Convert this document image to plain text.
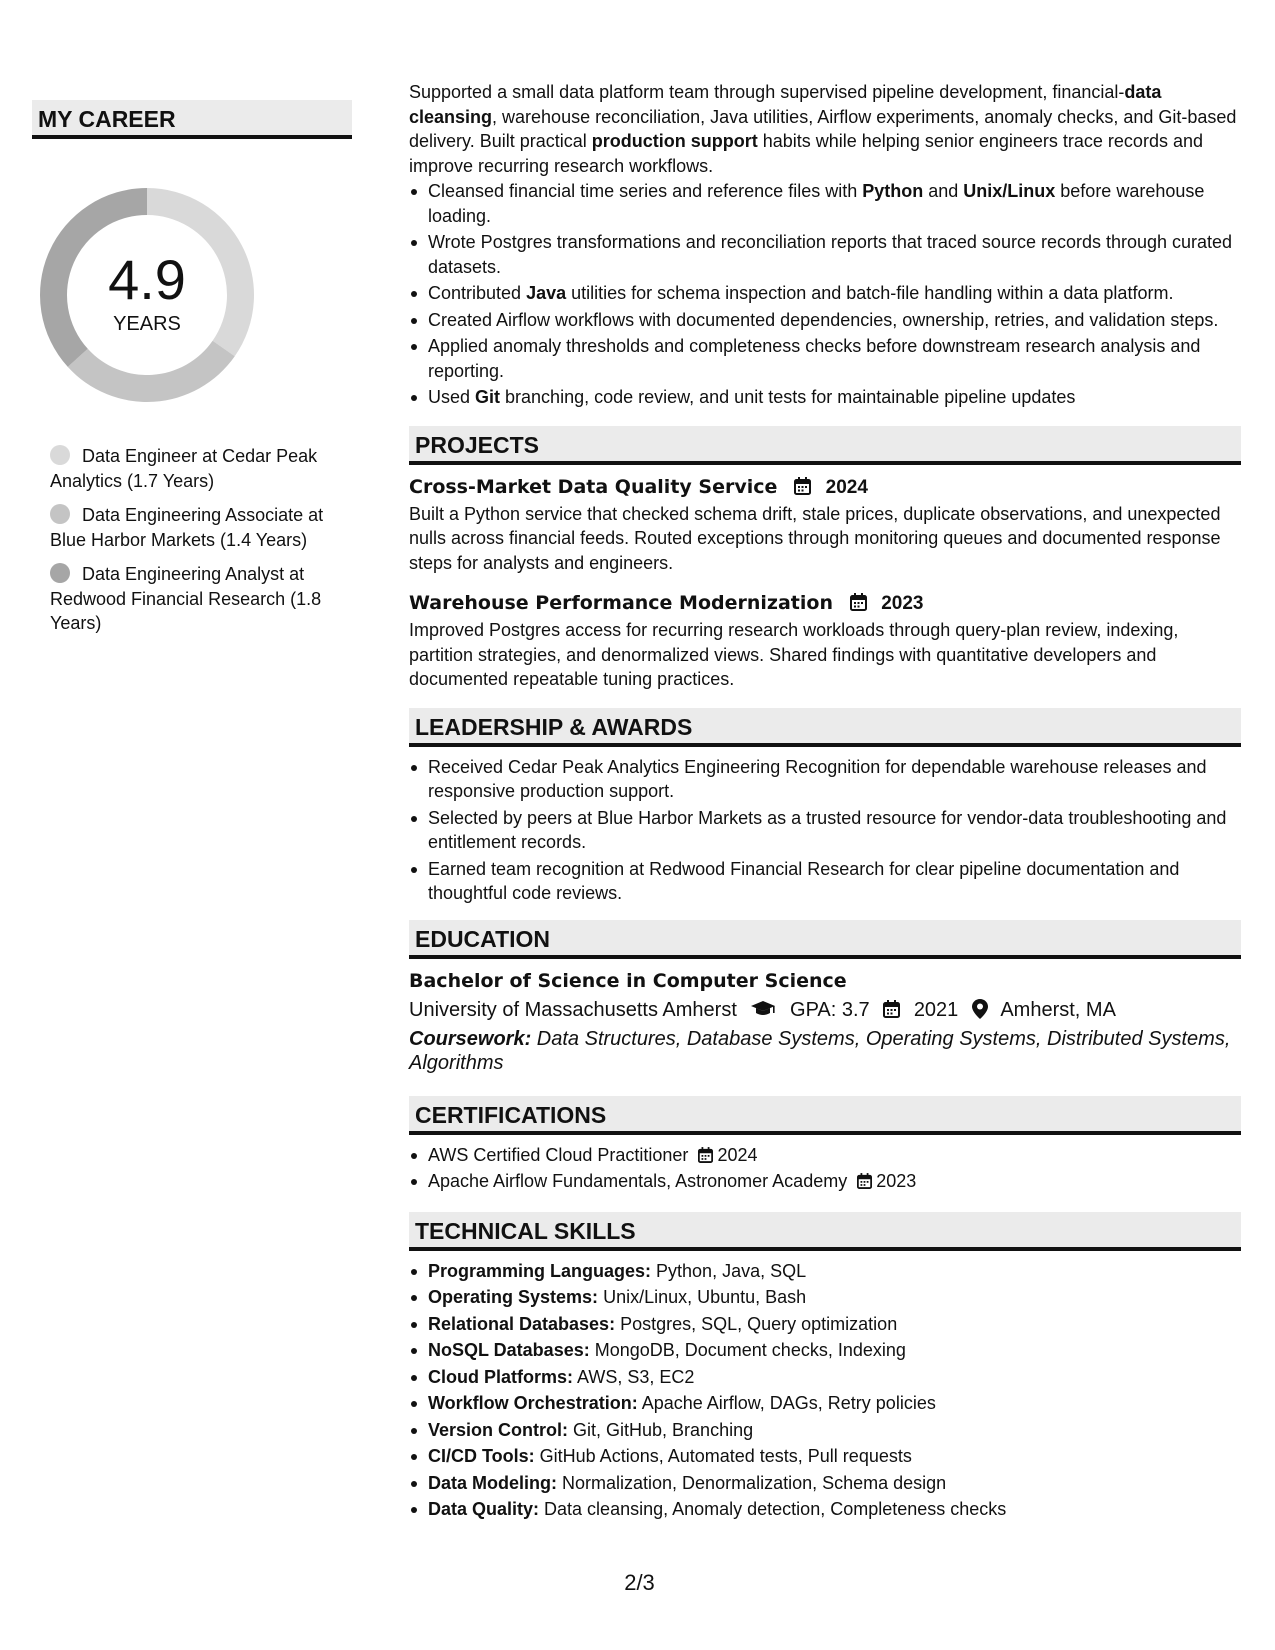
MY CAREER
4.9
YEARS
Data Engineer at Cedar Peak Analytics (1.7 Years)
Data Engineering Associate at Blue Harbor Markets (1.4 Years)
Data Engineering Analyst at Redwood Financial Research (1.8 Years)
Supported a small data platform team through supervised pipeline development, financial-data cleansing, warehouse reconciliation, Java utilities, Airflow experiments, anomaly checks, and Git-based delivery. Built practical production support habits while helping senior engineers trace records and improve recurring research workflows.
Cleansed financial time series and reference files with Python and Unix/Linux before warehouse loading.
Wrote Postgres transformations and reconciliation reports that traced source records through curated datasets.
Contributed Java utilities for schema inspection and batch-file handling within a data platform.
Created Airflow workflows with documented dependencies, ownership, retries, and validation steps.
Applied anomaly thresholds and completeness checks before downstream research analysis and reporting.
Used Git branching, code review, and unit tests for maintainable pipeline updates
PROJECTS
Cross-Market Data Quality Service	2024
Built a Python service that checked schema drift, stale prices, duplicate observations, and unexpected nulls across financial feeds. Routed exceptions through monitoring queues and documented response steps for analysts and engineers.
Warehouse Performance Modernization	2023
Improved Postgres access for recurring research workloads through query-plan review, indexing, partition strategies, and denormalized views. Shared findings with quantitative developers and documented repeatable tuning practices.
LEADERSHIP & AWARDS
Received Cedar Peak Analytics Engineering Recognition for dependable warehouse releases and responsive production support.
Selected by peers at Blue Harbor Markets as a trusted resource for vendor-data troubleshooting and entitlement records.
Earned team recognition at Redwood Financial Research for clear pipeline documentation and thoughtful code reviews.
EDUCATION
Bachelor of Science in Computer Science
University of Massachusetts Amherst	GPA: 3.7 2021 Amherst, MA
Coursework: Data Structures, Database Systems, Operating Systems, Distributed Systems, Algorithms
CERTIFICATIONS
AWS Certified Cloud Practitioner 2024
Apache Airflow Fundamentals, Astronomer Academy 2023
TECHNICAL SKILLS
Programming Languages: Python, Java, SQL
Operating Systems: Unix/Linux, Ubuntu, Bash
Relational Databases: Postgres, SQL, Query optimization
NoSQL Databases: MongoDB, Document checks, Indexing
Cloud Platforms: AWS, S3, EC2
Workflow Orchestration: Apache Airflow, DAGs, Retry policies
Version Control: Git, GitHub, Branching
CI/CD Tools: GitHub Actions, Automated tests, Pull requests
Data Modeling: Normalization, Denormalization, Schema design
Data Quality: Data cleansing, Anomaly detection, Completeness checks
2/3
